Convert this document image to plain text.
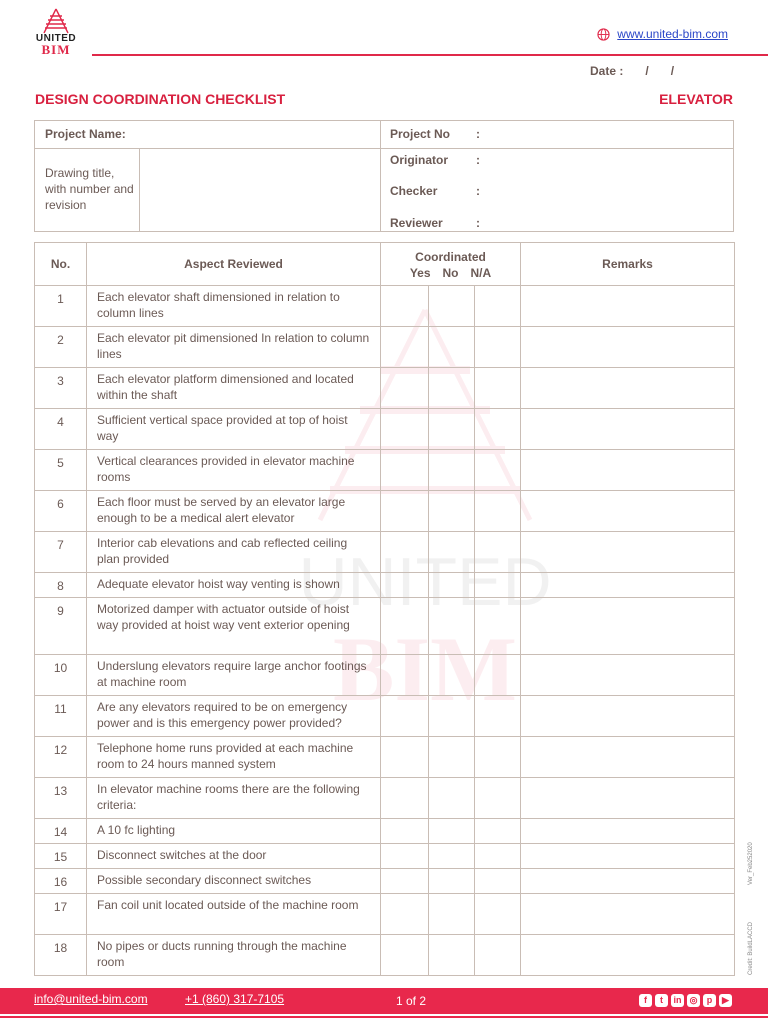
UNITED
BIM
www.united-bim.com
Date : / /
DESIGN COORDINATION CHECKLIST	ELEVATOR
Project Name:
Drawing title, with number and revision
Project No :
Originator :
Checker	:
Reviewer	:
UNITED
BIM
No.	Aspect Reviewed	Coordinated
Yes No N/A			Remarks
1	Each elevator shaft dimensioned in relation to column lines				
2	Each elevator pit dimensioned In relation to column lines				
3	Each elevator platform dimensioned and located within the shaft				
4	Sufficient vertical space provided at top of hoist way				
5	Vertical clearances provided in elevator machine rooms				
6	Each floor must be served by an elevator large enough to be a medical alert elevator				
7	Interior cab elevations and cab reflected ceiling plan provided				
8	Adequate elevator hoist way venting is shown				
9	Motorized damper with actuator outside of hoist way provided at hoist way vent exterior opening				
10	Underslung elevators require large anchor footings at machine room				
11	Are any elevators required to be on emergency power and is this emergency power provided?				
12	Telephone home runs provided at each machine room to 24 hours manned system				
13	In elevator machine rooms there are the following criteria:				
14	A 10 fc lighting				
15	Disconnect switches at the door				
16	Possible secondary disconnect switches				
17	Fan coil unit located outside of the machine room				
18	No pipes or ducts running through the machine room				
Ver_Feb252020
Credit: BuildLACCD
info@united-bim.com	+1 (860) 317-7105	1 of 2	f	t	in ◎	p	▶
